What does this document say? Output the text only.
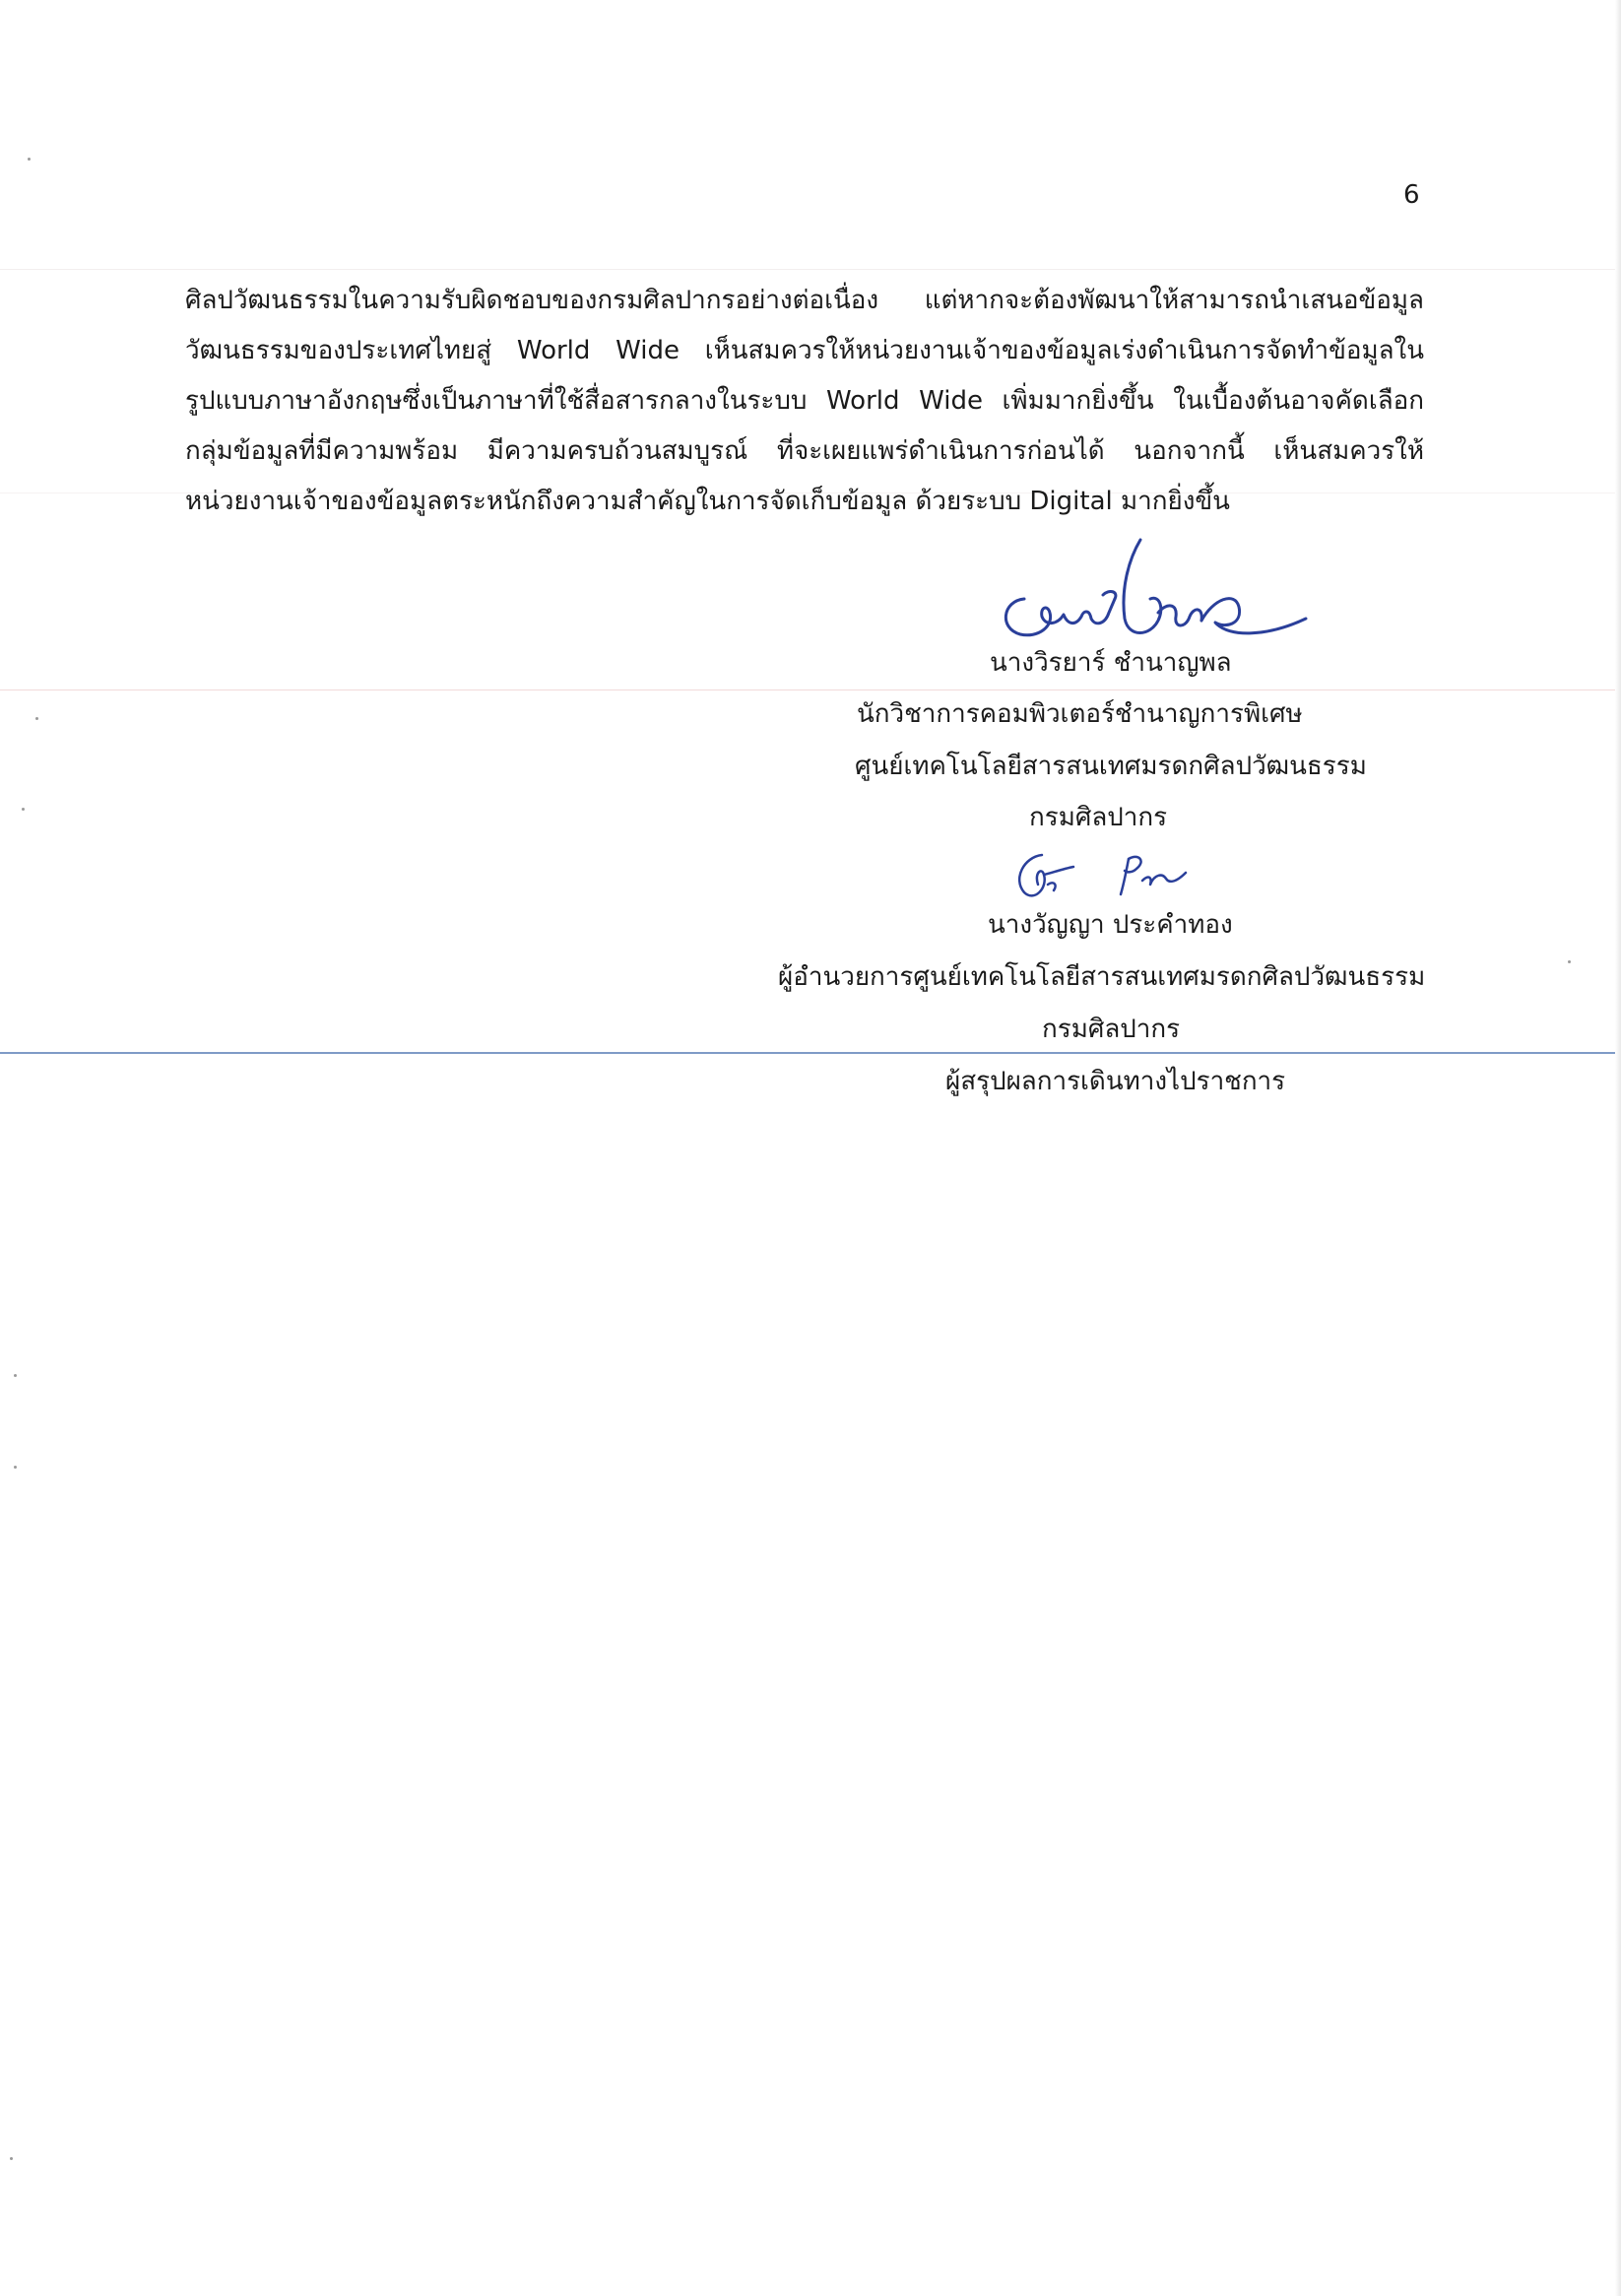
6
ศิลปวัฒนธรรมในความรับผิดชอบของกรมศิลปากรอย่างต่อเนื่อง แต่หากจะต้องพัฒนาให้สามารถนำเสนอข้อมูล
วัฒนธรรมของประเทศไทยสู่ World Wide เห็นสมควรให้หน่วยงานเจ้าของข้อมูลเร่งดำเนินการจัดทำข้อมูลใน
รูปแบบภาษาอังกฤษซึ่งเป็นภาษาที่ใช้สื่อสารกลางในระบบ World Wide เพิ่มมากยิ่งขึ้น ในเบื้องต้นอาจคัดเลือก
กลุ่มข้อมูลที่มีความพร้อม มีความครบถ้วนสมบูรณ์ ที่จะเผยแพร่ดำเนินการก่อนได้ นอกจากนี้ เห็นสมควรให้
หน่วยงานเจ้าของข้อมูลตระหนักถึงความสำคัญในการจัดเก็บข้อมูล ด้วยระบบ Digital มากยิ่งขึ้น
นางวิรยาร์ ชำนาญพล
นักวิชาการคอมพิวเตอร์ชำนาญการพิเศษ
ศูนย์เทคโนโลยีสารสนเทศมรดกศิลปวัฒนธรรม
กรมศิลปากร
นางวัญญา ประคำทอง
ผู้อำนวยการศูนย์เทคโนโลยีสารสนเทศมรดกศิลปวัฒนธรรม
กรมศิลปากร
ผู้สรุปผลการเดินทางไปราชการ
